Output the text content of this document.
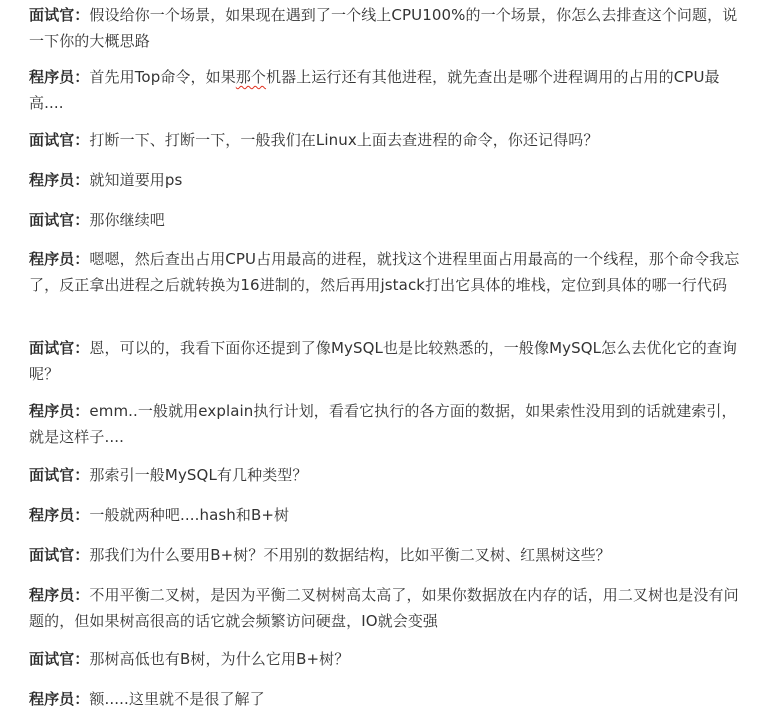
面试官：假设给你一个场景，如果现在遇到了一个线上CPU100%的一个场景，你怎么去排查这个问题，说一下你的大概思路

程序员：首先用Top命令，如果那个机器上运行还有其他进程，就先查出是哪个进程调用的占用的CPU最高....

面试官：打断一下、打断一下，一般我们在Linux上面去查进程的命令，你还记得吗？

程序员：就知道要用ps

面试官：那你继续吧

程序员：嗯嗯，然后查出占用CPU占用最高的进程，就找这个进程里面占用最高的一个线程，那个命令我忘了，反正拿出进程之后就转换为16进制的，然后再用jstack打出它具体的堆栈，定位到具体的哪一行代码

面试官：恩，可以的，我看下面你还提到了像MySQL也是比较熟悉的，一般像MySQL怎么去优化它的查询呢？

程序员：emm..一般就用explain执行计划，看看它执行的各方面的数据，如果索性没用到的话就建索引，就是这样子....

面试官：那索引一般MySQL有几种类型？

程序员：一般就两种吧....hash和B+树

面试官：那我们为什么要用B+树？不用别的数据结构，比如平衡二叉树、红黑树这些？

程序员：不用平衡二叉树，是因为平衡二叉树树高太高了，如果你数据放在内存的话，用二叉树也是没有问题的，但如果树高很高的话它就会频繁访问硬盘，IO就会变强

面试官：那树高低也有B树，为什么它用B+树？

程序员：额.....这里就不是很了解了
